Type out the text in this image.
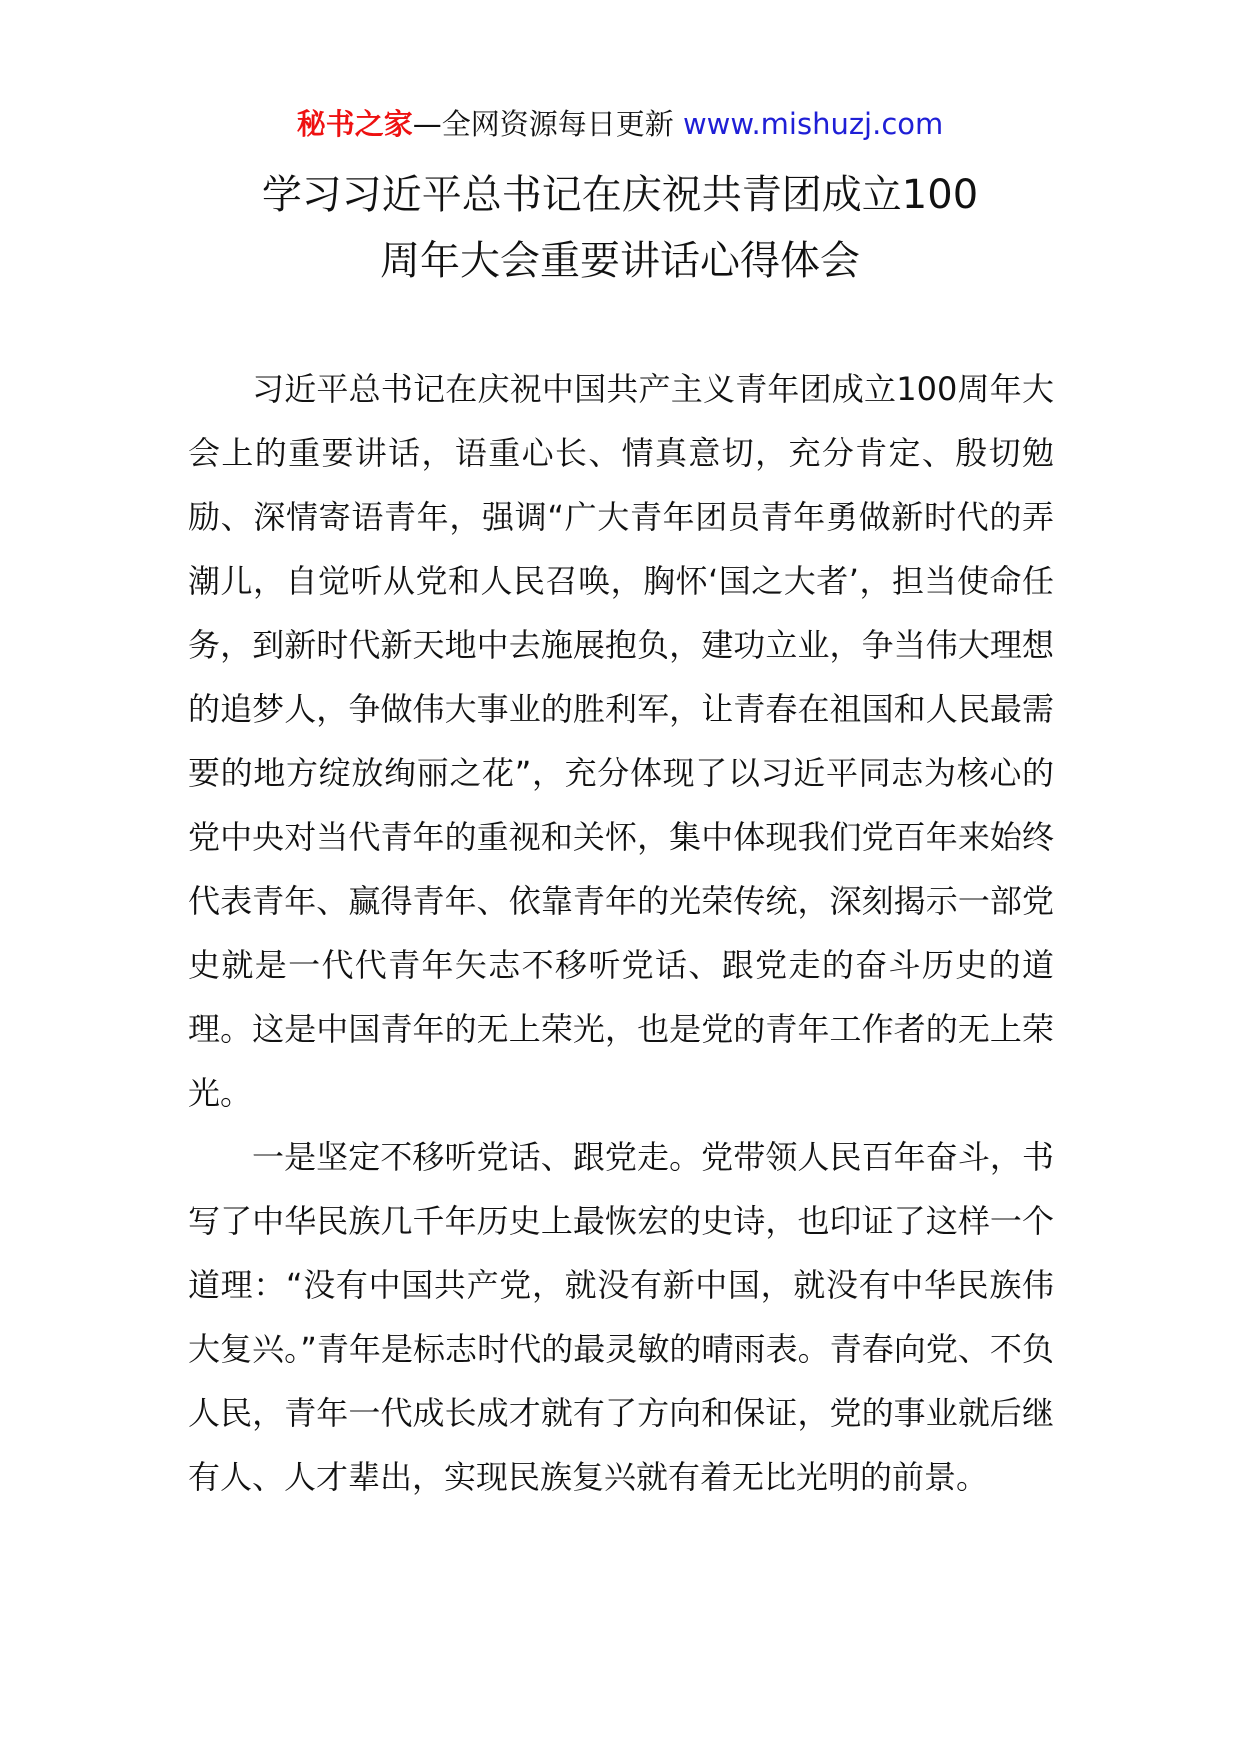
秘书之家—全网资源每日更新 www.mishuzj.com
学习习近平总书记在庆祝共青团成立100
周年大会重要讲话心得体会

习近平总书记在庆祝中国共产主义青年团成立100周年大会上的重要讲话，语重心长、情真意切，充分肯定、殷切勉励、深情寄语青年，强调“广大青年团员青年勇做新时代的弄潮儿，自觉听从党和人民召唤，胸怀‘国之大者’，担当使命任务，到新时代新天地中去施展抱负，建功立业，争当伟大理想的追梦人，争做伟大事业的胜利军，让青春在祖国和人民最需要的地方绽放绚丽之花”，充分体现了以习近平同志为核心的党中央对当代青年的重视和关怀，集中体现我们党百年来始终代表青年、赢得青年、依靠青年的光荣传统，深刻揭示一部党史就是一代代青年矢志不移听党话、跟党走的奋斗历史的道理。这是中国青年的无上荣光，也是党的青年工作者的无上荣光。

一是坚定不移听党话、跟党走。党带领人民百年奋斗，书写了中华民族几千年历史上最恢宏的史诗，也印证了这样一个道理：“没有中国共产党，就没有新中国，就没有中华民族伟大复兴。”青年是标志时代的最灵敏的晴雨表。青春向党、不负人民，青年一代成长成才就有了方向和保证，党的事业就后继有人、人才辈出，实现民族复兴就有着无比光明的前景。
